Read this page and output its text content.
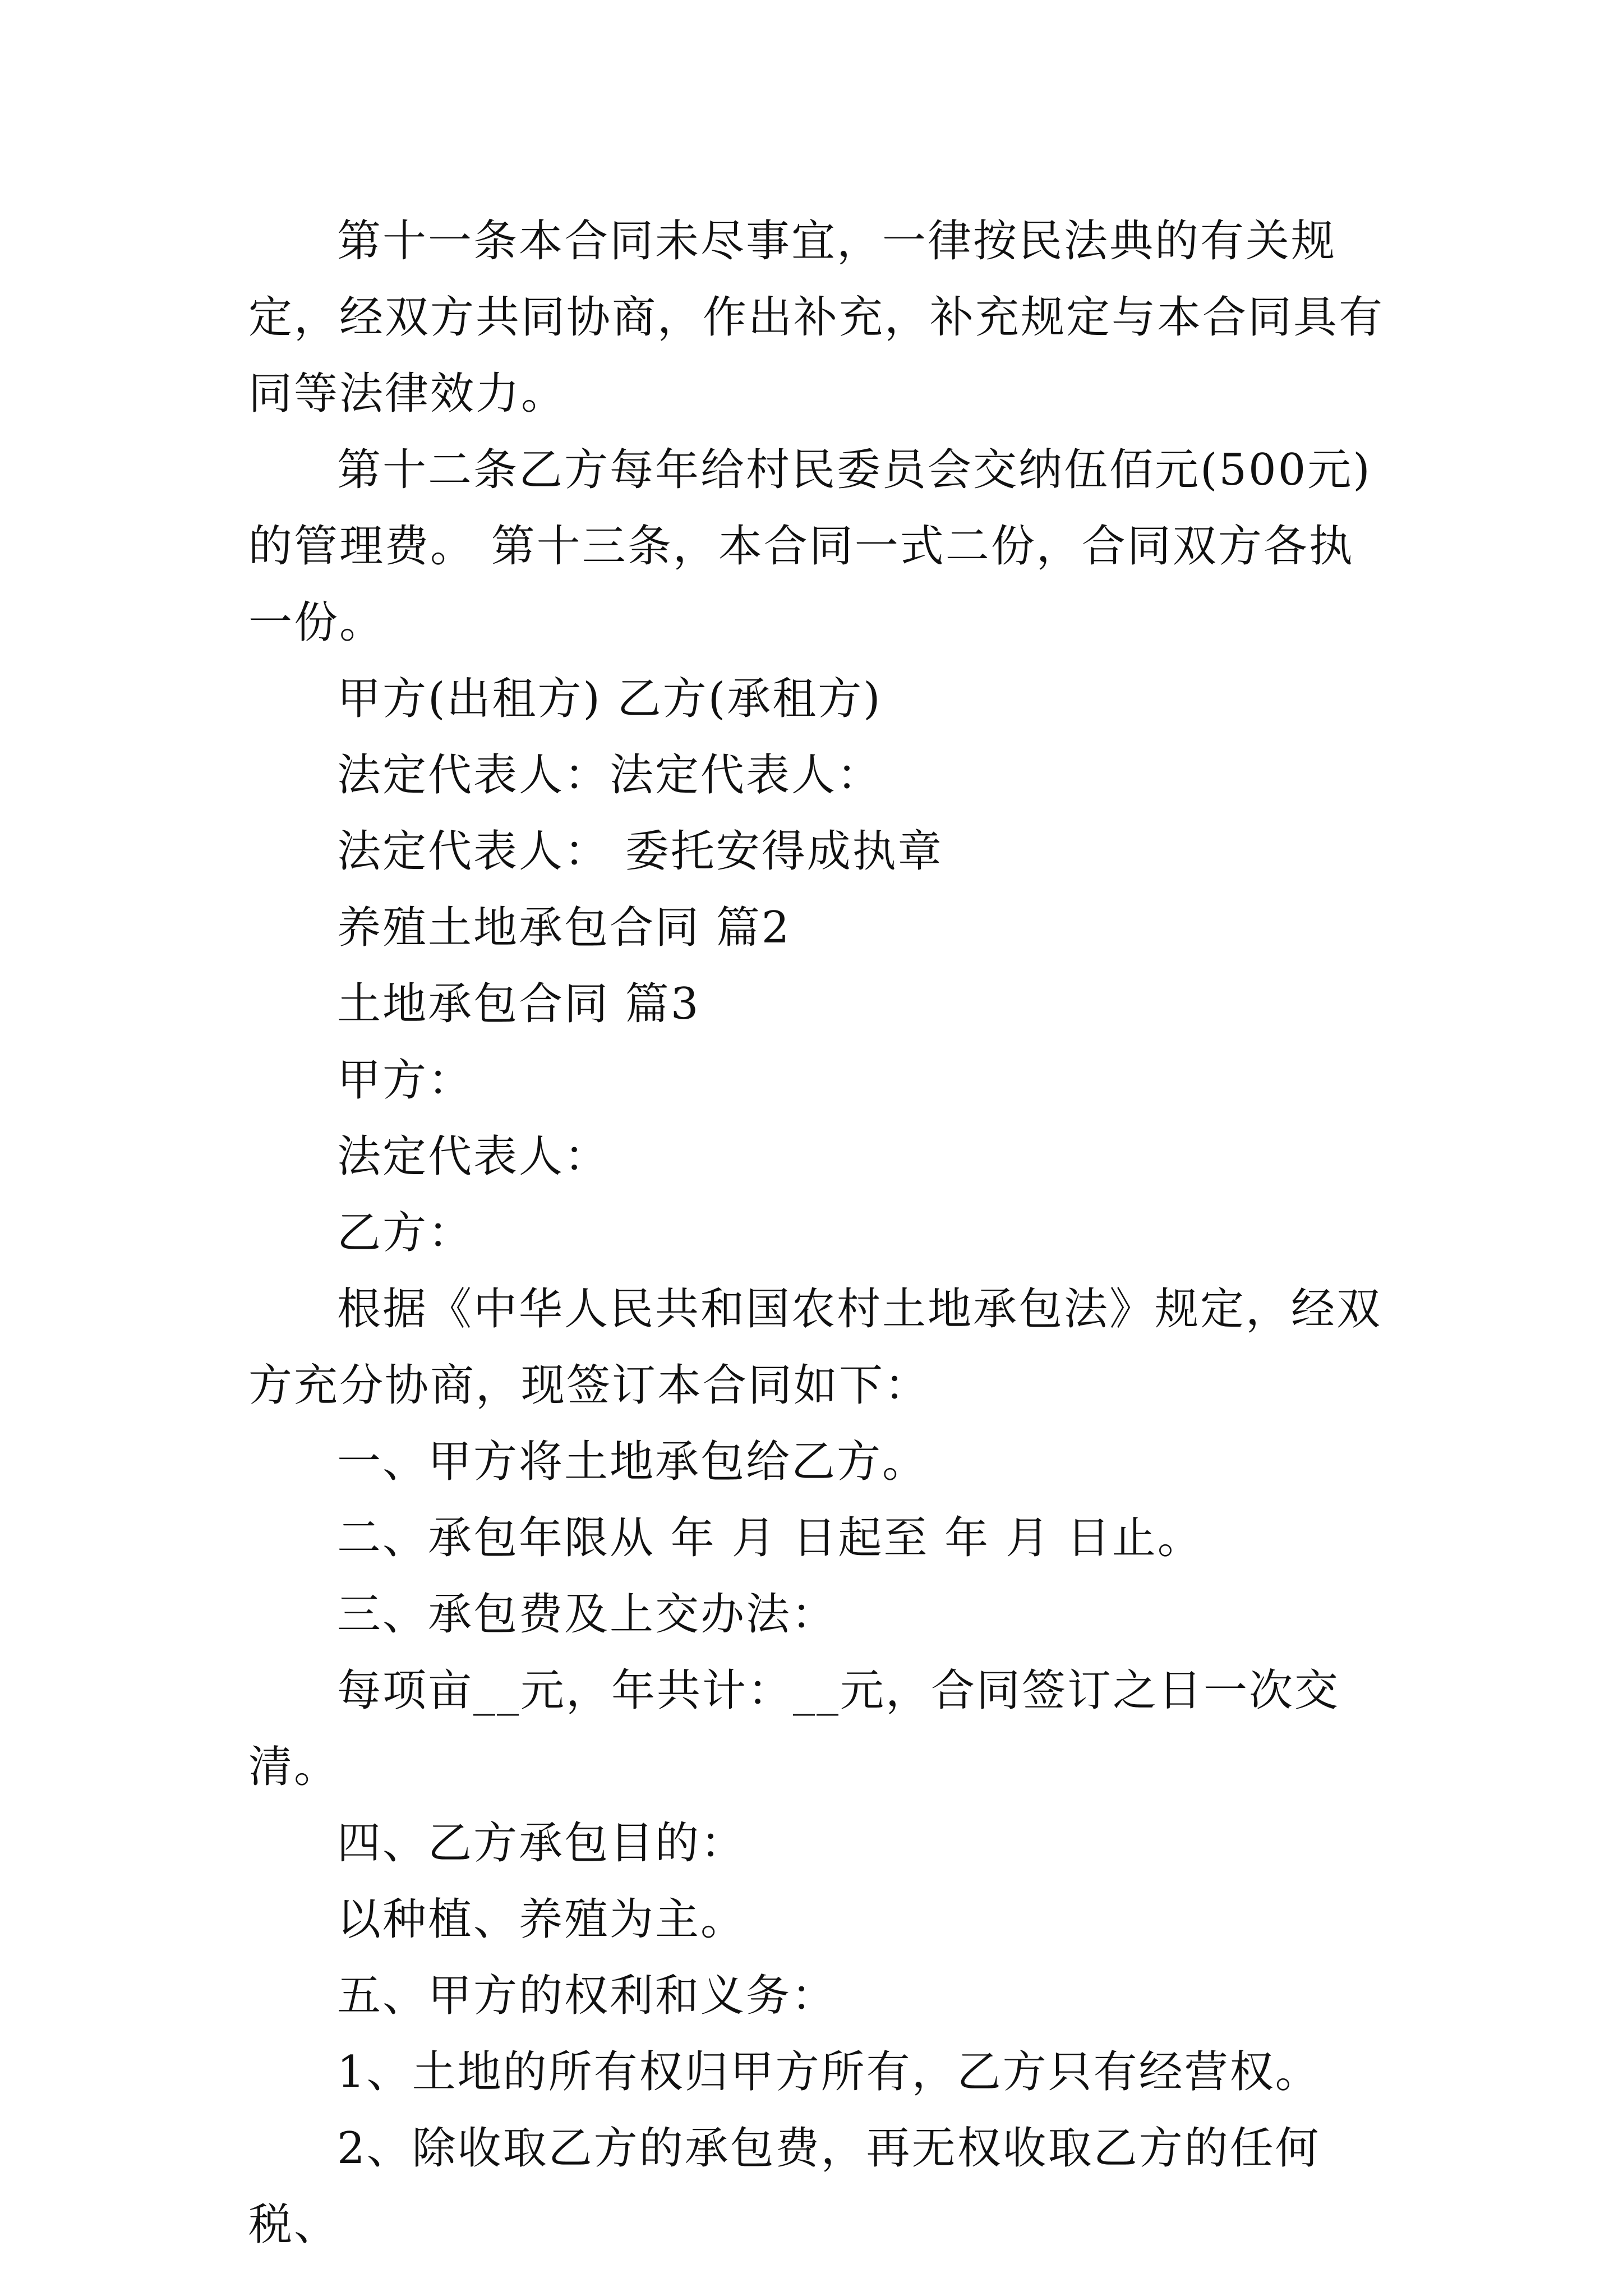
第十一条本合同未尽事宜，一律按民法典的有关规定，经双方共同协商，作出补充，补充规定与本合同具有同等法律效力。

第十二条乙方每年给村民委员会交纳伍佰元(500元)的管理费。 第十三条，本合同一式二份，合同双方各执一份。

甲方(出租方) 乙方(承租方)

法定代表人：法定代表人：

法定代表人： 委托安得成执章

养殖土地承包合同 篇2

土地承包合同 篇3

甲方：

法定代表人：

乙方：

根据《中华人民共和国农村土地承包法》规定，经双方充分协商，现签订本合同如下：

一、甲方将土地承包给乙方。

二、承包年限从 年 月 日起至 年 月 日止。

三、承包费及上交办法：

每项亩__元，年共计：__元，合同签订之日一次交清。

四、乙方承包目的：

以种植、养殖为主。

五、甲方的权利和义务：

1、土地的所有权归甲方所有，乙方只有经营权。

2、除收取乙方的承包费，再无权收取乙方的任何税、
